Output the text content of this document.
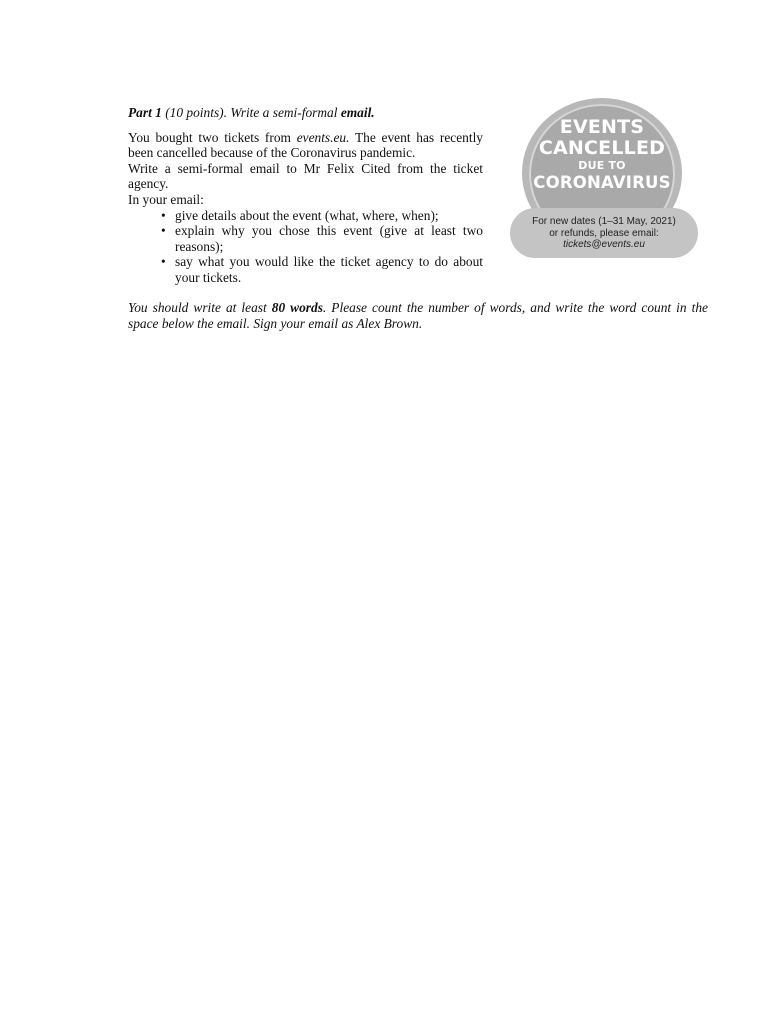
Part 1 (10 points). Write a semi-formal email.

You bought two tickets from events.eu. The event has recently been cancelled because of the Coronavirus pandemic.

Write a semi-formal email to Mr Felix Cited from the ticket agency.

In your email:

• give details about the event (what, where, when);
• explain why you chose this event (give at least two reasons);
• say what you would like the ticket agency to do about your tickets.

You should write at least 80 words. Please count the number of words, and write the word count in the space below the email. Sign your email as Alex Brown.

EVENTS
CANCELLED
DUE TO
CORONAVIRUS
For new dates (1–31 May, 2021)
or refunds, please email:
tickets@events.eu
